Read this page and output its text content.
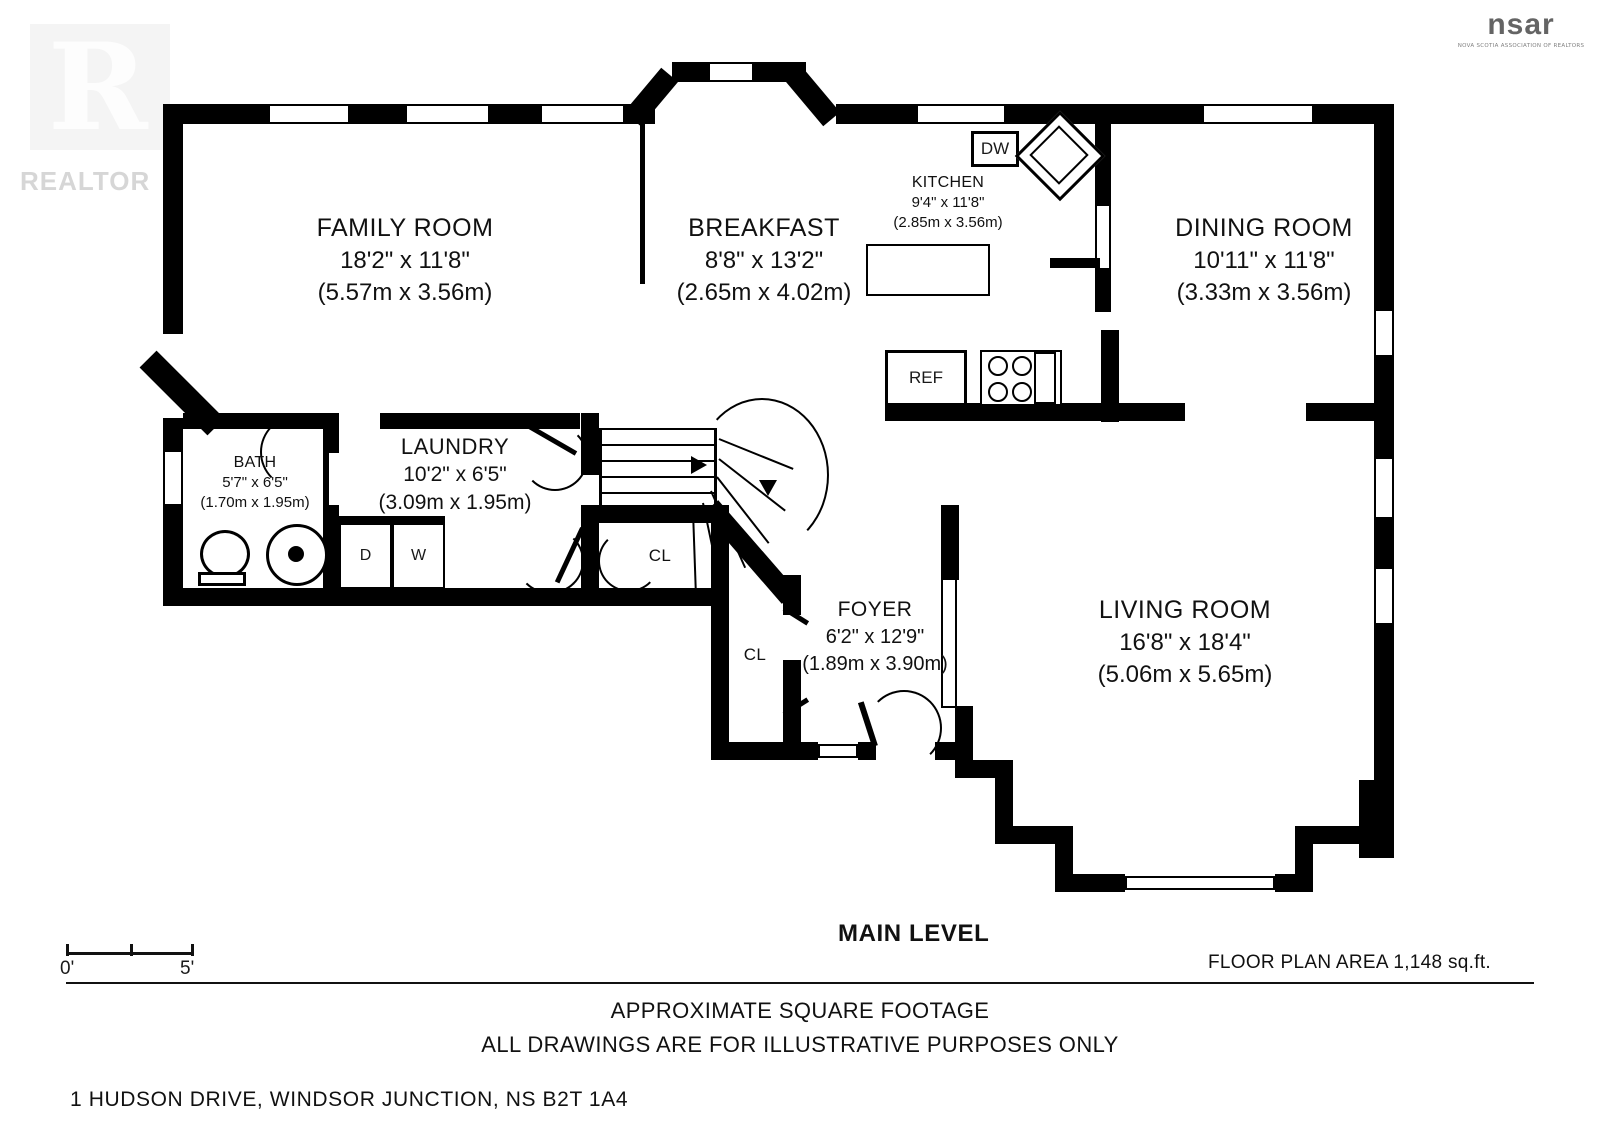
R
REALTOR
nsar
NOVA SCOTIA ASSOCIATION OF REALTORS
DW
REF
D W
FAMILY ROOM
18'2" x 11'8"
(5.57m x 3.56m)
BREAKFAST
8'8" x 13'2"
(2.65m x 4.02m)
KITCHEN
9'4" x 11'8"
(2.85m x 3.56m)	DINING ROOM
10'11" x 11'8"
(3.33m x 3.56m)
BATH
5'7" x 6'5"
(1.70m x 1.95m)
LAUNDRY
10'2" x 6'5"
(3.09m x 1.95m)
FOYER
6'2" x 12'9"
(1.89m x 3.90m)
LIVING ROOM
16'8" x 18'4"
(5.06m x 5.65m)
CL
CL
MAIN LEVEL
0'	5'	FLOOR PLAN AREA 1,148 sq.ft.
APPROXIMATE SQUARE FOOTAGE
ALL DRAWINGS ARE FOR ILLUSTRATIVE PURPOSES ONLY
1 HUDSON DRIVE, WINDSOR JUNCTION, NS B2T 1A4
